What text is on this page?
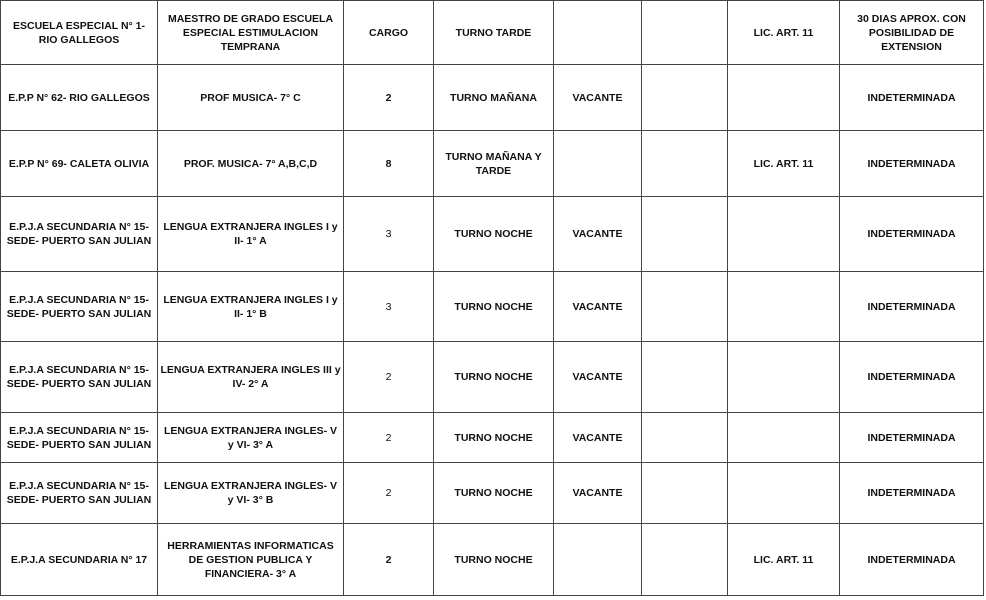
ESCUELA ESPECIAL N° 1- RIO GALLEGOS	MAESTRO DE GRADO ESCUELA ESPECIAL ESTIMULACION TEMPRANA	CARGO	TURNO TARDE			LIC. ART. 11	30 DIAS APROX. CON POSIBILIDAD DE EXTENSION
E.P.P N° 62- RIO GALLEGOS	PROF MUSICA- 7° C	2	TURNO MAÑANA	VACANTE			INDETERMINADA
E.P.P N° 69- CALETA OLIVIA	PROF. MUSICA- 7° A,B,C,D	8	TURNO MAÑANA Y TARDE			LIC. ART. 11	INDETERMINADA
E.P.J.A SECUNDARIA N° 15- SEDE- PUERTO SAN JULIAN	LENGUA EXTRANJERA INGLES I y II- 1° A	3	TURNO NOCHE	VACANTE			INDETERMINADA
E.P.J.A SECUNDARIA N° 15- SEDE- PUERTO SAN JULIAN	LENGUA EXTRANJERA INGLES I y II- 1° B	3	TURNO NOCHE	VACANTE			INDETERMINADA
E.P.J.A SECUNDARIA N° 15- SEDE- PUERTO SAN JULIAN	LENGUA EXTRANJERA INGLES III y IV- 2° A	2	TURNO NOCHE	VACANTE			INDETERMINADA
E.P.J.A SECUNDARIA N° 15- SEDE- PUERTO SAN JULIAN	LENGUA EXTRANJERA INGLES- V y VI- 3° A	2	TURNO NOCHE	VACANTE			INDETERMINADA
E.P.J.A SECUNDARIA N° 15- SEDE- PUERTO SAN JULIAN	LENGUA EXTRANJERA INGLES- V y VI- 3° B	2	TURNO NOCHE	VACANTE			INDETERMINADA
E.P.J.A SECUNDARIA N° 17	HERRAMIENTAS INFORMATICAS DE GESTION PUBLICA Y FINANCIERA- 3° A	2	TURNO NOCHE			LIC. ART. 11	INDETERMINADA
